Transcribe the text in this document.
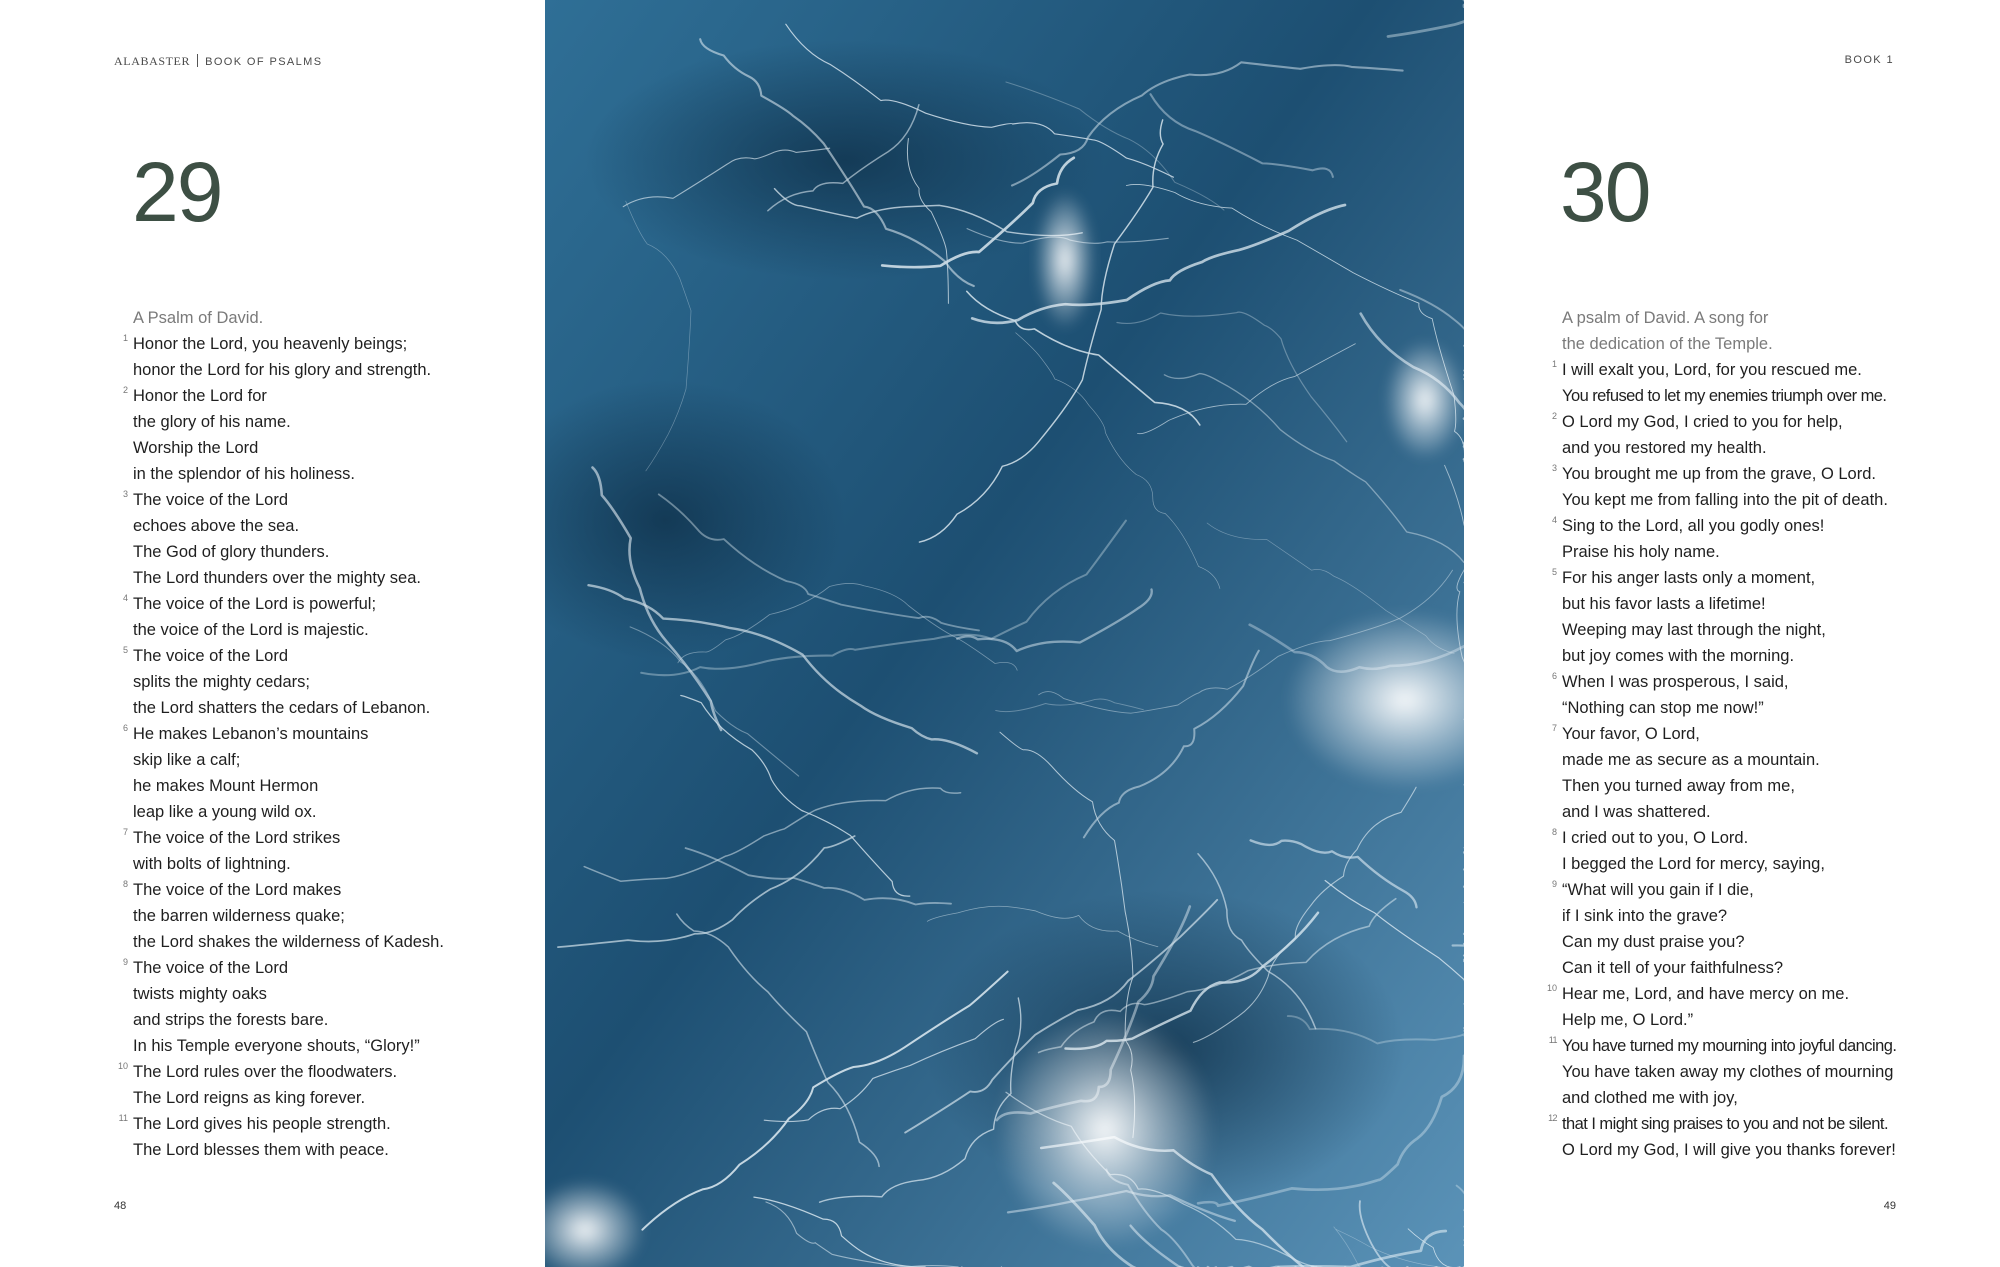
ALABASTER BOOK OF PSALMS
29
A Psalm of David.
1 Honor the Lord, you heavenly beings;
honor the Lord for his glory and strength.
2 Honor the Lord for
the glory of his name.
Worship the Lord
in the splendor of his holiness.
3 The voice of the Lord
echoes above the sea.
The God of glory thunders.
The Lord thunders over the mighty sea.
4 The voice of the Lord is powerful;
the voice of the Lord is majestic.
5 The voice of the Lord
splits the mighty cedars;
the Lord shatters the cedars of Lebanon.
6 He makes Lebanon’s mountains
skip like a calf;
he makes Mount Hermon
leap like a young wild ox.
7 The voice of the Lord strikes
with bolts of lightning.
8 The voice of the Lord makes
the barren wilderness quake;
the Lord shakes the wilderness of Kadesh.
9 The voice of the Lord
twists mighty oaks
and strips the forests bare.
In his Temple everyone shouts, “Glory!”
10 The Lord rules over the floodwaters.
The Lord reigns as king forever.
11 The Lord gives his people strength.
The Lord blesses them with peace.
48
BOOK 1
30
A psalm of David. A song for
the dedication of the Temple.
1 I will exalt you, Lord, for you rescued me.
You refused to let my enemies triumph over me.
2 O Lord my God, I cried to you for help,
and you restored my health.
3 You brought me up from the grave, O Lord.
You kept me from falling into the pit of death.
4 Sing to the Lord, all you godly ones!
Praise his holy name.
5 For his anger lasts only a moment,
but his favor lasts a lifetime!
Weeping may last through the night,
but joy comes with the morning.
6 When I was prosperous, I said,
“Nothing can stop me now!”
7 Your favor, O Lord,
made me as secure as a mountain.
Then you turned away from me,
and I was shattered.
8 I cried out to you, O Lord.
I begged the Lord for mercy, saying,
9 “What will you gain if I die,
if I sink into the grave?
Can my dust praise you?
Can it tell of your faithfulness?
10 Hear me, Lord, and have mercy on me.
Help me, O Lord.”
11 You have turned my mourning into joyful dancing.
You have taken away my clothes of mourning
and clothed me with joy,
12 that I might sing praises to you and not be silent.
O Lord my God, I will give you thanks forever!
49
